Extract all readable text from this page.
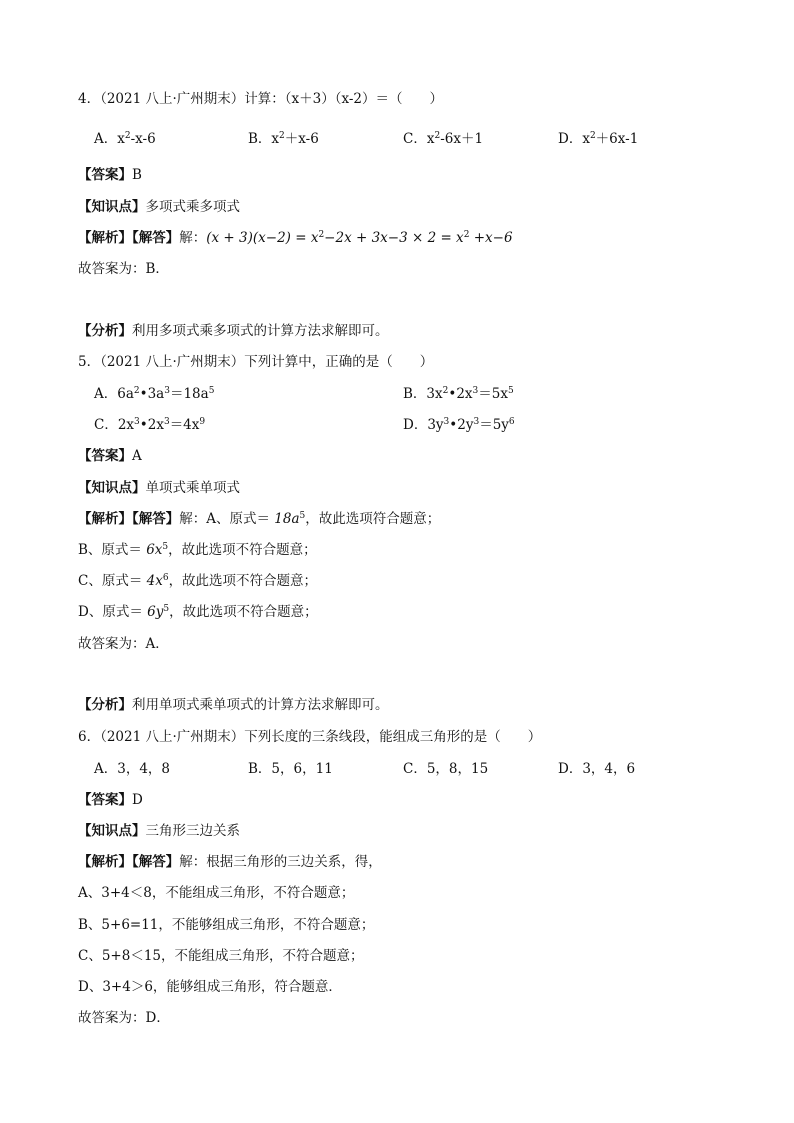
4．（2021 八上·广州期末）计算：（x＋3）（x-2）＝（　　）
A．$x^2-x-6$	B．$x^2+x-6$	C．$x^2-6x+1$	D．$x^2+6x-1$
【答案】B
【知识点】多项式乘多项式
【解析】【解答】解：$(x + 3)(x-2) = x^2-2x + 3x-3 \times 2 = x^2 +x-6$
故答案为：B．
【分析】利用多项式乘多项式的计算方法求解即可。
5．（2021 八上·广州期末）下列计算中，正确的是（　　）
A．$6a^2•3a^3=18a^5$	B．$3x^2•2x^3=5x^5$
C．$2x^3•2x^3=4x^9$	D．$3y^3•2y^3=5y^6$
【答案】A
【知识点】单项式乘单项式
【解析】【解答】解：A、原式＝ $18a^5$，故此选项符合题意；
B、原式＝ $6x^5$，故此选项不符合题意；
C、原式＝ $4x^6$，故此选项不符合题意；
D、原式＝ $6y^5$，故此选项不符合题意；
故答案为：A．
【分析】利用单项式乘单项式的计算方法求解即可。
6．（2021 八上·广州期末）下列长度的三条线段，能组成三角形的是（　　）
A．3，4，8	B．5，6，11	C．5，8，15	D．3，4，6
【答案】D
【知识点】三角形三边关系
【解析】【解答】解：根据三角形的三边关系，得，
A、3+4＜8，不能组成三角形，不符合题意；
B、5+6=11，不能够组成三角形，不符合题意；
C、5+8＜15，不能组成三角形，不符合题意；
D、3+4＞6，能够组成三角形，符合题意．
故答案为：D．
